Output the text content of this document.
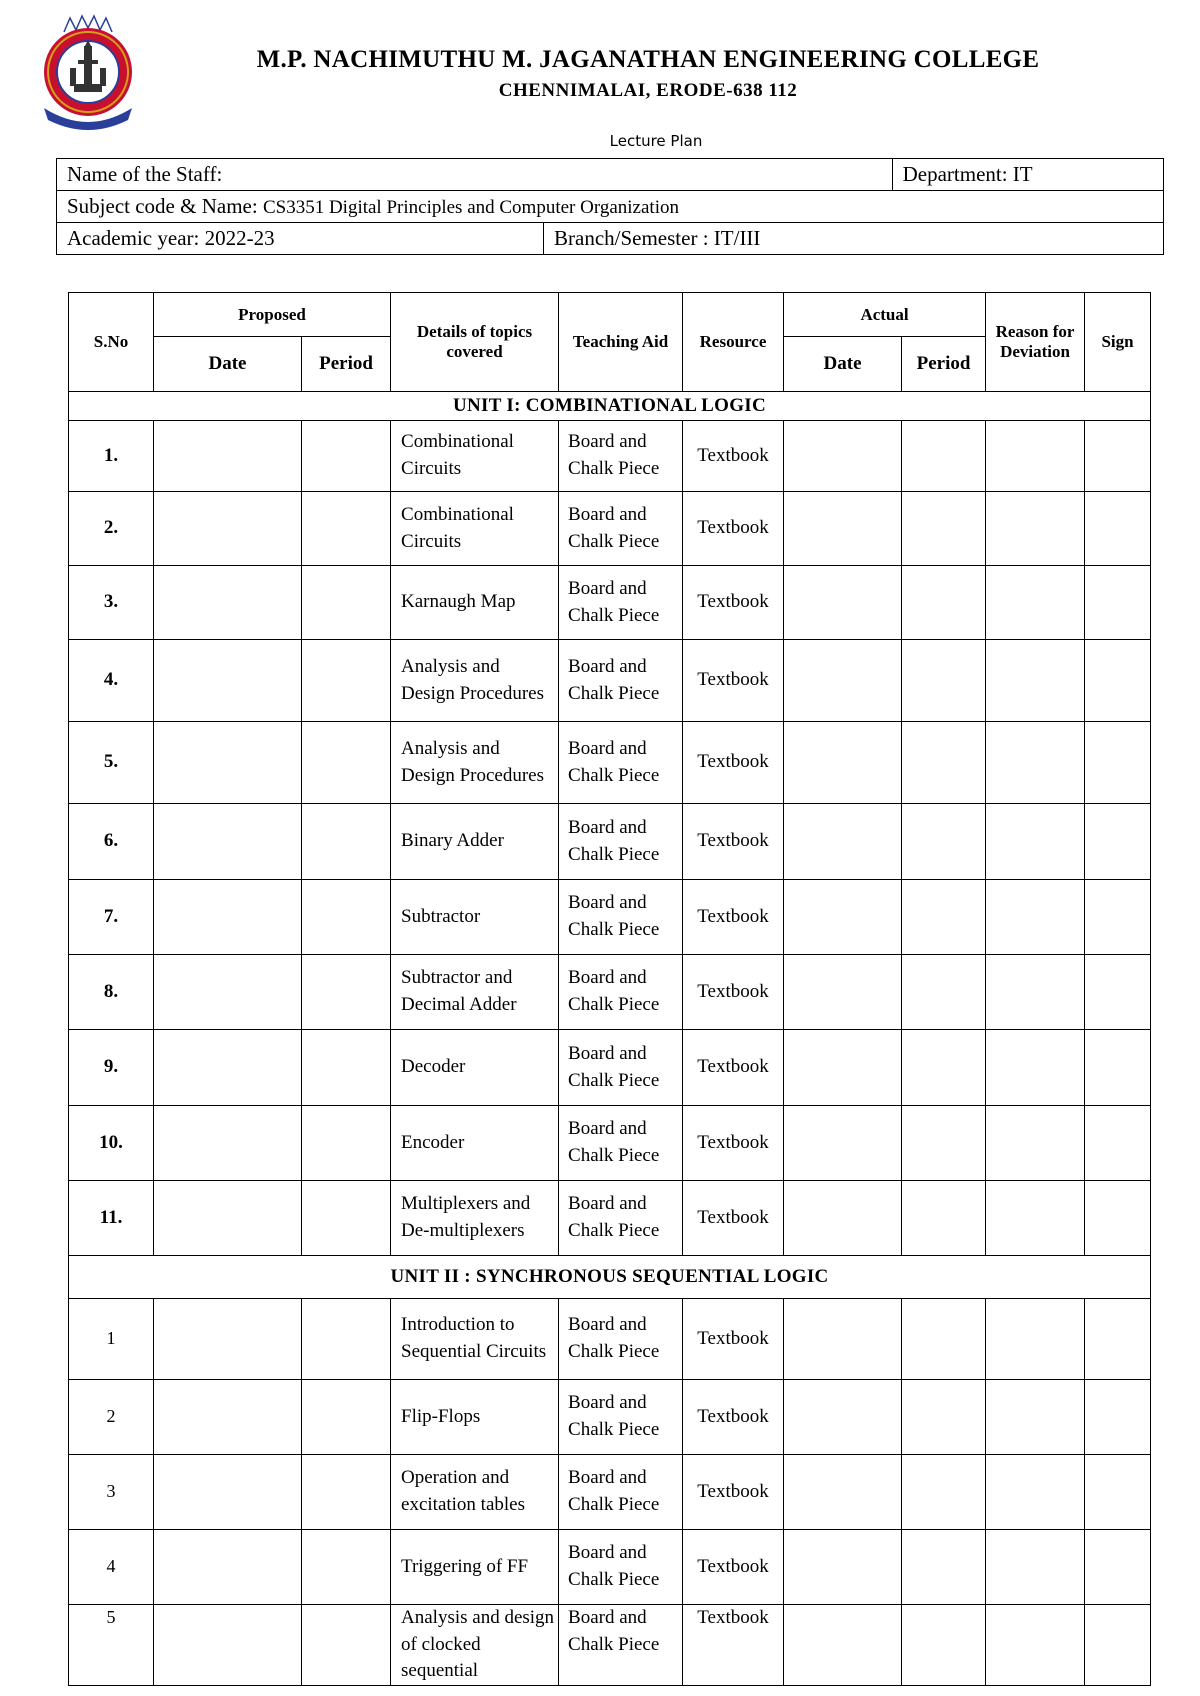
M.P. NACHIMUTHU M. JAGANATHAN ENGINEERING COLLEGE
CHENNIMALAI, ERODE-638 112
Lecture Plan
Name of the Staff:		Department: IT
Subject code & Name: CS3351 Digital Principles and Computer Organization		
Academic year: 2022-23	Branch/Semester : IT/III	
S.No	Proposed		Details of topics covered	Teaching Aid	Resource	Actual		Reason for Deviation	Sign
	Date	Period				Date	Period		
UNIT I: COMBINATIONAL LOGIC									
1.			Combinational Circuits	Board and Chalk Piece	Textbook				
2.			Combinational Circuits	Board and Chalk Piece	Textbook				
3.			Karnaugh Map	Board and Chalk Piece	Textbook				
4.			Analysis and Design Procedures	Board and Chalk Piece	Textbook				
5.			Analysis and Design Procedures	Board and Chalk Piece	Textbook				
6.			Binary Adder	Board and Chalk Piece	Textbook				
7.			Subtractor	Board and Chalk Piece	Textbook				
8.			Subtractor and Decimal Adder	Board and Chalk Piece	Textbook				
9.			Decoder	Board and Chalk Piece	Textbook				
10.			Encoder	Board and Chalk Piece	Textbook				
11.			Multiplexers and De-multiplexers	Board and Chalk Piece	Textbook				
UNIT II : SYNCHRONOUS SEQUENTIAL LOGIC									
1			Introduction to Sequential Circuits	Board and Chalk Piece	Textbook				
2			Flip-Flops	Board and Chalk Piece	Textbook				
3			Operation and excitation tables	Board and Chalk Piece	Textbook				
4			Triggering of FF	Board and Chalk Piece	Textbook				
5			Analysis and design of clocked sequential	Board and Chalk Piece	Textbook				
